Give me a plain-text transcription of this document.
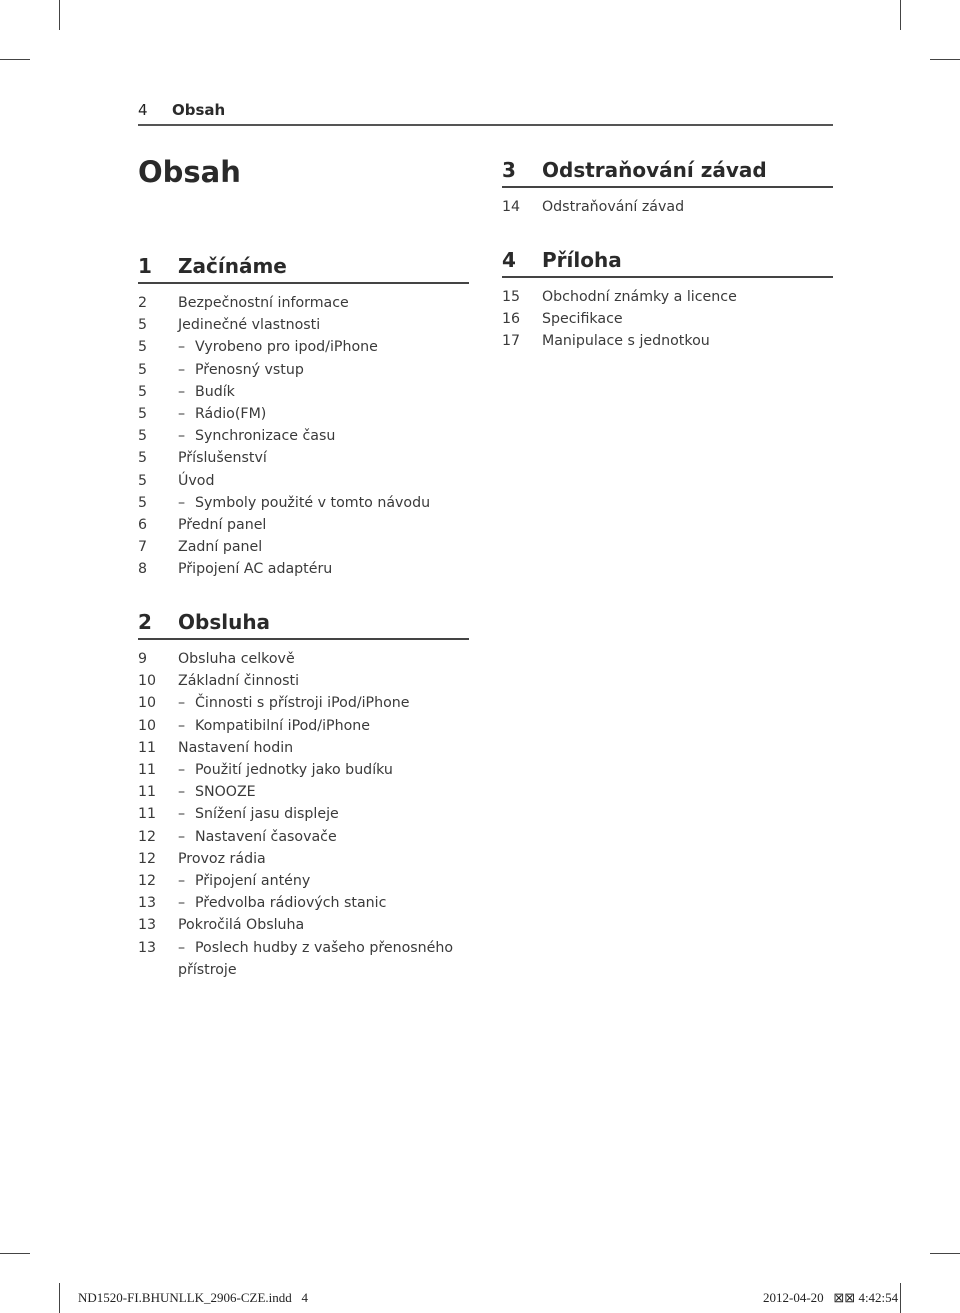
4 Obsah
Obsah
1	Začínáme
2	Bezpečnostní informace
5	Jedinečné vlastnosti
5	– Vyrobeno pro ipod/iPhone
5	– Přenosný vstup
5	– Budík
5	– Rádio(FM)
5	– Synchronizace času
5	Příslušenství
5	Úvod
5	– Symboly použité v tomto návodu
6	Přední panel
7	Zadní panel
8	Připojení AC adaptéru
2	Obsluha
9	Obsluha celkově
10	Základní činnosti
10	– Činnosti s přístroji iPod/iPhone
10	– Kompatibilní iPod/iPhone
11	Nastavení hodin
11	– Použití jednotky jako budíku
11	– SNOOZE
11	– Snížení jasu displeje
12	– Nastavení časovače
12	Provoz rádia
12	– Připojení antény
13	– Předvolba rádiových stanic
13	Pokročilá Obsluha
13	– Poslech hudby z vašeho přenosného přístroje
3	Odstraňování závad
14	Odstraňování závad
4	Příloha
15	Obchodní známky a licence
16	Specifikace
17	Manipulace s jednotkou
ND1520-FI.BHUNLLK_2906-CZE.indd   4	2012-04-20   ⊠⊠ 4:42:54
